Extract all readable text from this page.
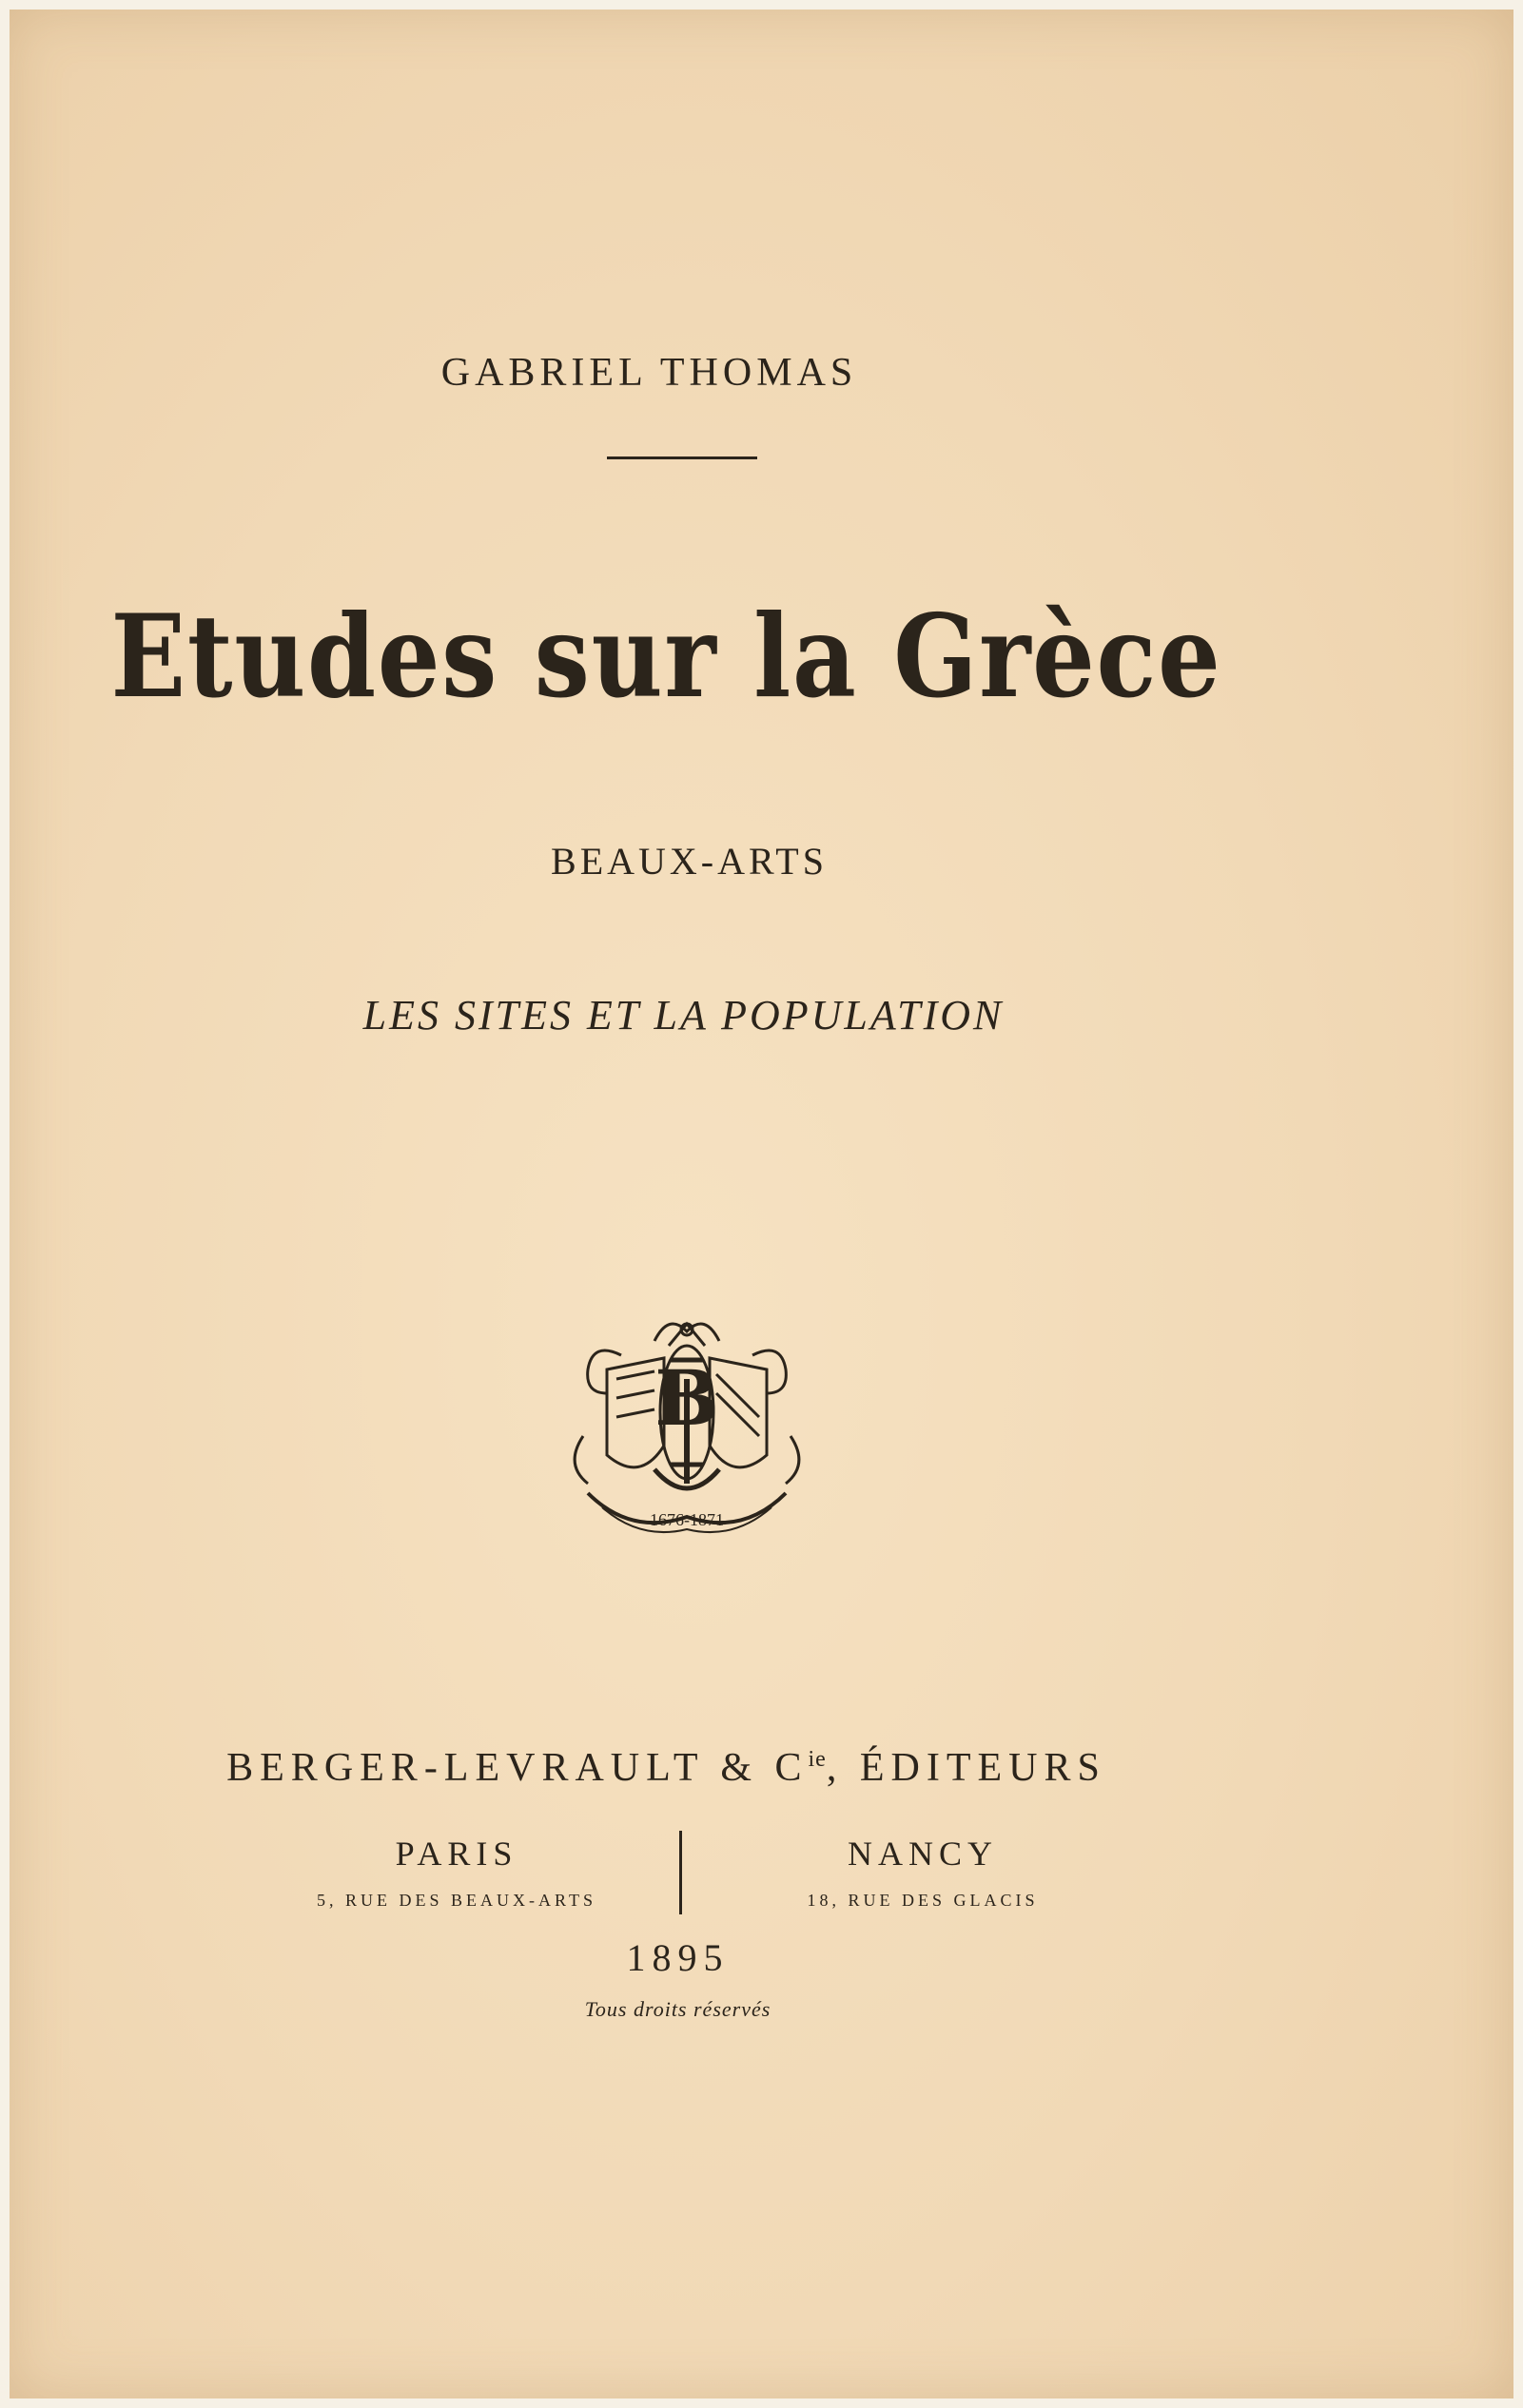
GABRIEL THOMAS
Etudes sur la Grèce
BEAUX-ARTS
LES SITES ET LA POPULATION
B
1676-1871
BERGER-LEVRAULT & $C^{ie}$, ÉDITEURS
PARIS
5, RUE DES BEAUX-ARTS
NANCY
18, RUE DES GLACIS
1895
Tous droits réservés
